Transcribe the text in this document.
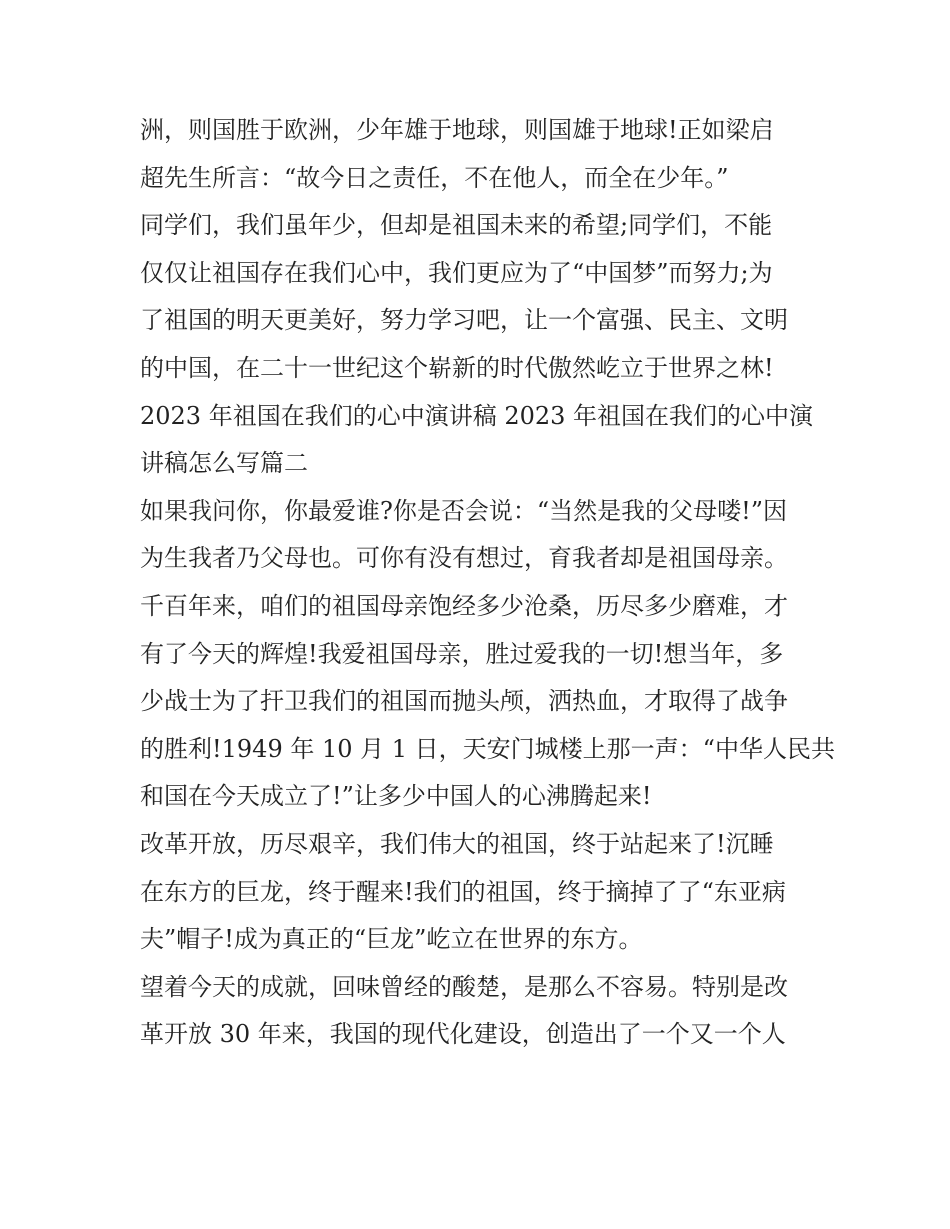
洲，则国胜于欧洲，少年雄于地球，则国雄于地球!正如梁启
超先生所言：“故今日之责任，不在他人，而全在少年。”
同学们，我们虽年少，但却是祖国未来的希望;同学们，不能
仅仅让祖国存在我们心中，我们更应为了“中国梦”而努力;为
了祖国的明天更美好，努力学习吧，让一个富强、民主、文明
的中国，在二十一世纪这个崭新的时代傲然屹立于世界之林!
2023 年祖国在我们的心中演讲稿 2023 年祖国在我们的心中演
讲稿怎么写篇二
如果我问你，你最爱谁?你是否会说：“当然是我的父母喽!”因
为生我者乃父母也。可你有没有想过，育我者却是祖国母亲。
千百年来，咱们的祖国母亲饱经多少沧桑，历尽多少磨难，才
有了今天的辉煌!我爱祖国母亲，胜过爱我的一切!想当年，多
少战士为了扞卫我们的祖国而抛头颅，洒热血，才取得了战争
的胜利!1949 年 10 月 1 日，天安门城楼上那一声：“中华人民共
和国在今天成立了!”让多少中国人的心沸腾起来!
改革开放，历尽艰辛，我们伟大的祖国，终于站起来了!沉睡
在东方的巨龙，终于醒来!我们的祖国，终于摘掉了了“东亚病
夫”帽子!成为真正的“巨龙”屹立在世界的东方。
望着今天的成就，回味曾经的酸楚，是那么不容易。特别是改
革开放 30 年来，我国的现代化建设，创造出了一个又一个人
